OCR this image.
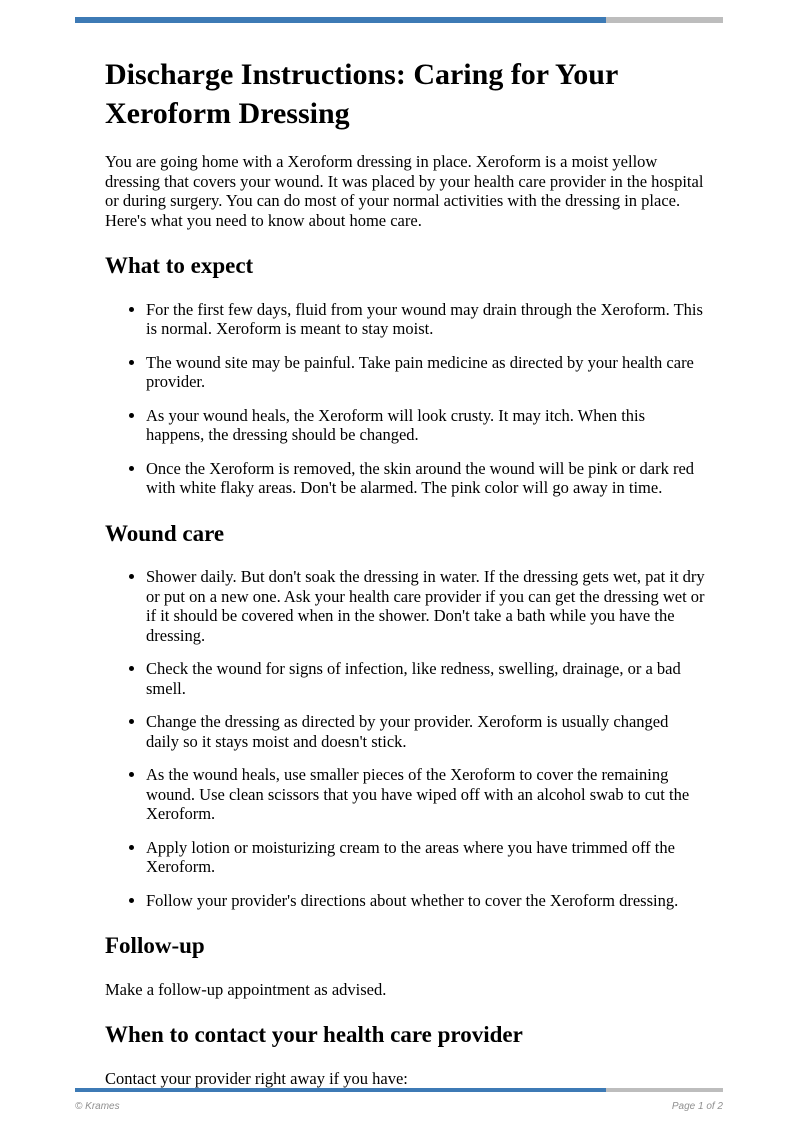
Discharge Instructions: Caring for Your Xeroform Dressing

You are going home with a Xeroform dressing in place. Xeroform is a moist yellow dressing that covers your wound. It was placed by your health care provider in the hospital or during surgery. You can do most of your normal activities with the dressing in place. Here's what you need to know about home care.

What to expect
• For the first few days, fluid from your wound may drain through the Xeroform. This is normal. Xeroform is meant to stay moist.
• The wound site may be painful. Take pain medicine as directed by your health care provider.
• As your wound heals, the Xeroform will look crusty. It may itch. When this happens, the dressing should be changed.
• Once the Xeroform is removed, the skin around the wound will be pink or dark red with white flaky areas. Don't be alarmed. The pink color will go away in time.
Wound care
• Shower daily. But don't soak the dressing in water. If the dressing gets wet, pat it dry or put on a new one. Ask your health care provider if you can get the dressing wet or if it should be covered when in the shower. Don't take a bath while you have the dressing.
• Check the wound for signs of infection, like redness, swelling, drainage, or a bad smell.
• Change the dressing as directed by your provider. Xeroform is usually changed daily so it stays moist and doesn't stick.
• As the wound heals, use smaller pieces of the Xeroform to cover the remaining wound. Use clean scissors that you have wiped off with an alcohol swab to cut the Xeroform.
• Apply lotion or moisturizing cream to the areas where you have trimmed off the Xeroform.
• Follow your provider's directions about whether to cover the Xeroform dressing.
Follow-up

Make a follow-up appointment as advised.

When to contact your health care provider

Contact your provider right away if you have:

© Krames	Page 1 of 2
